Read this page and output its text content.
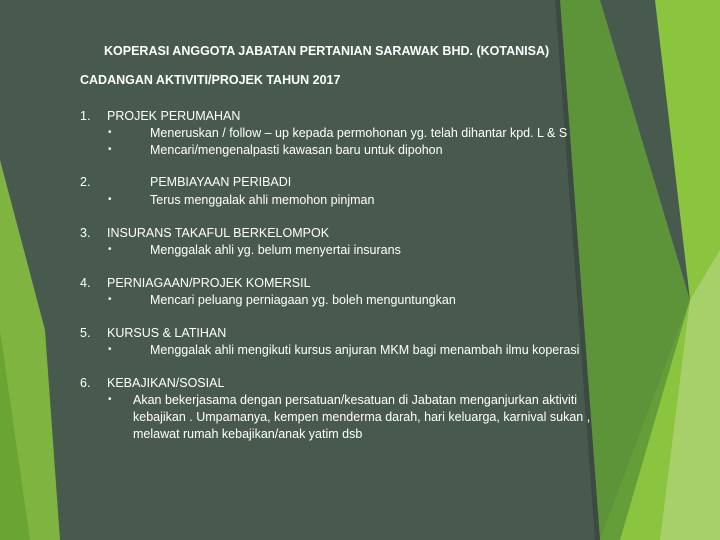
KOPERASI ANGGOTA JABATAN PERTANIAN SARAWAK BHD. (KOTANISA)
CADANGAN AKTIVITI/PROJEK TAHUN 2017
1. PROJEK PERUMAHAN
•	Meneruskan / follow – up kepada permohonan yg. telah dihantar kpd. L & S
•	Mencari/mengenalpasti kawasan baru untuk dipohon
2.	PEMBIAYAAN PERIBADI
•	Terus menggalak ahli memohon pinjman
3. INSURANS TAKAFUL BERKELOMPOK
•	Menggalak ahli yg. belum menyertai insurans
4. PERNIAGAAN/PROJEK KOMERSIL
•	Mencari peluang perniagaan yg. boleh menguntungkan
5. KURSUS & LATIHAN
•	Menggalak ahli mengikuti kursus anjuran MKM bagi menambah ilmu koperasi
6. KEBAJIKAN/SOSIAL
• Akan bekerjasama dengan persatuan/kesatuan di Jabatan menganjurkan aktiviti
kebajikan . Umpamanya, kempen menderma darah, hari keluarga, karnival sukan ,
melawat rumah kebajikan/anak yatim dsb
